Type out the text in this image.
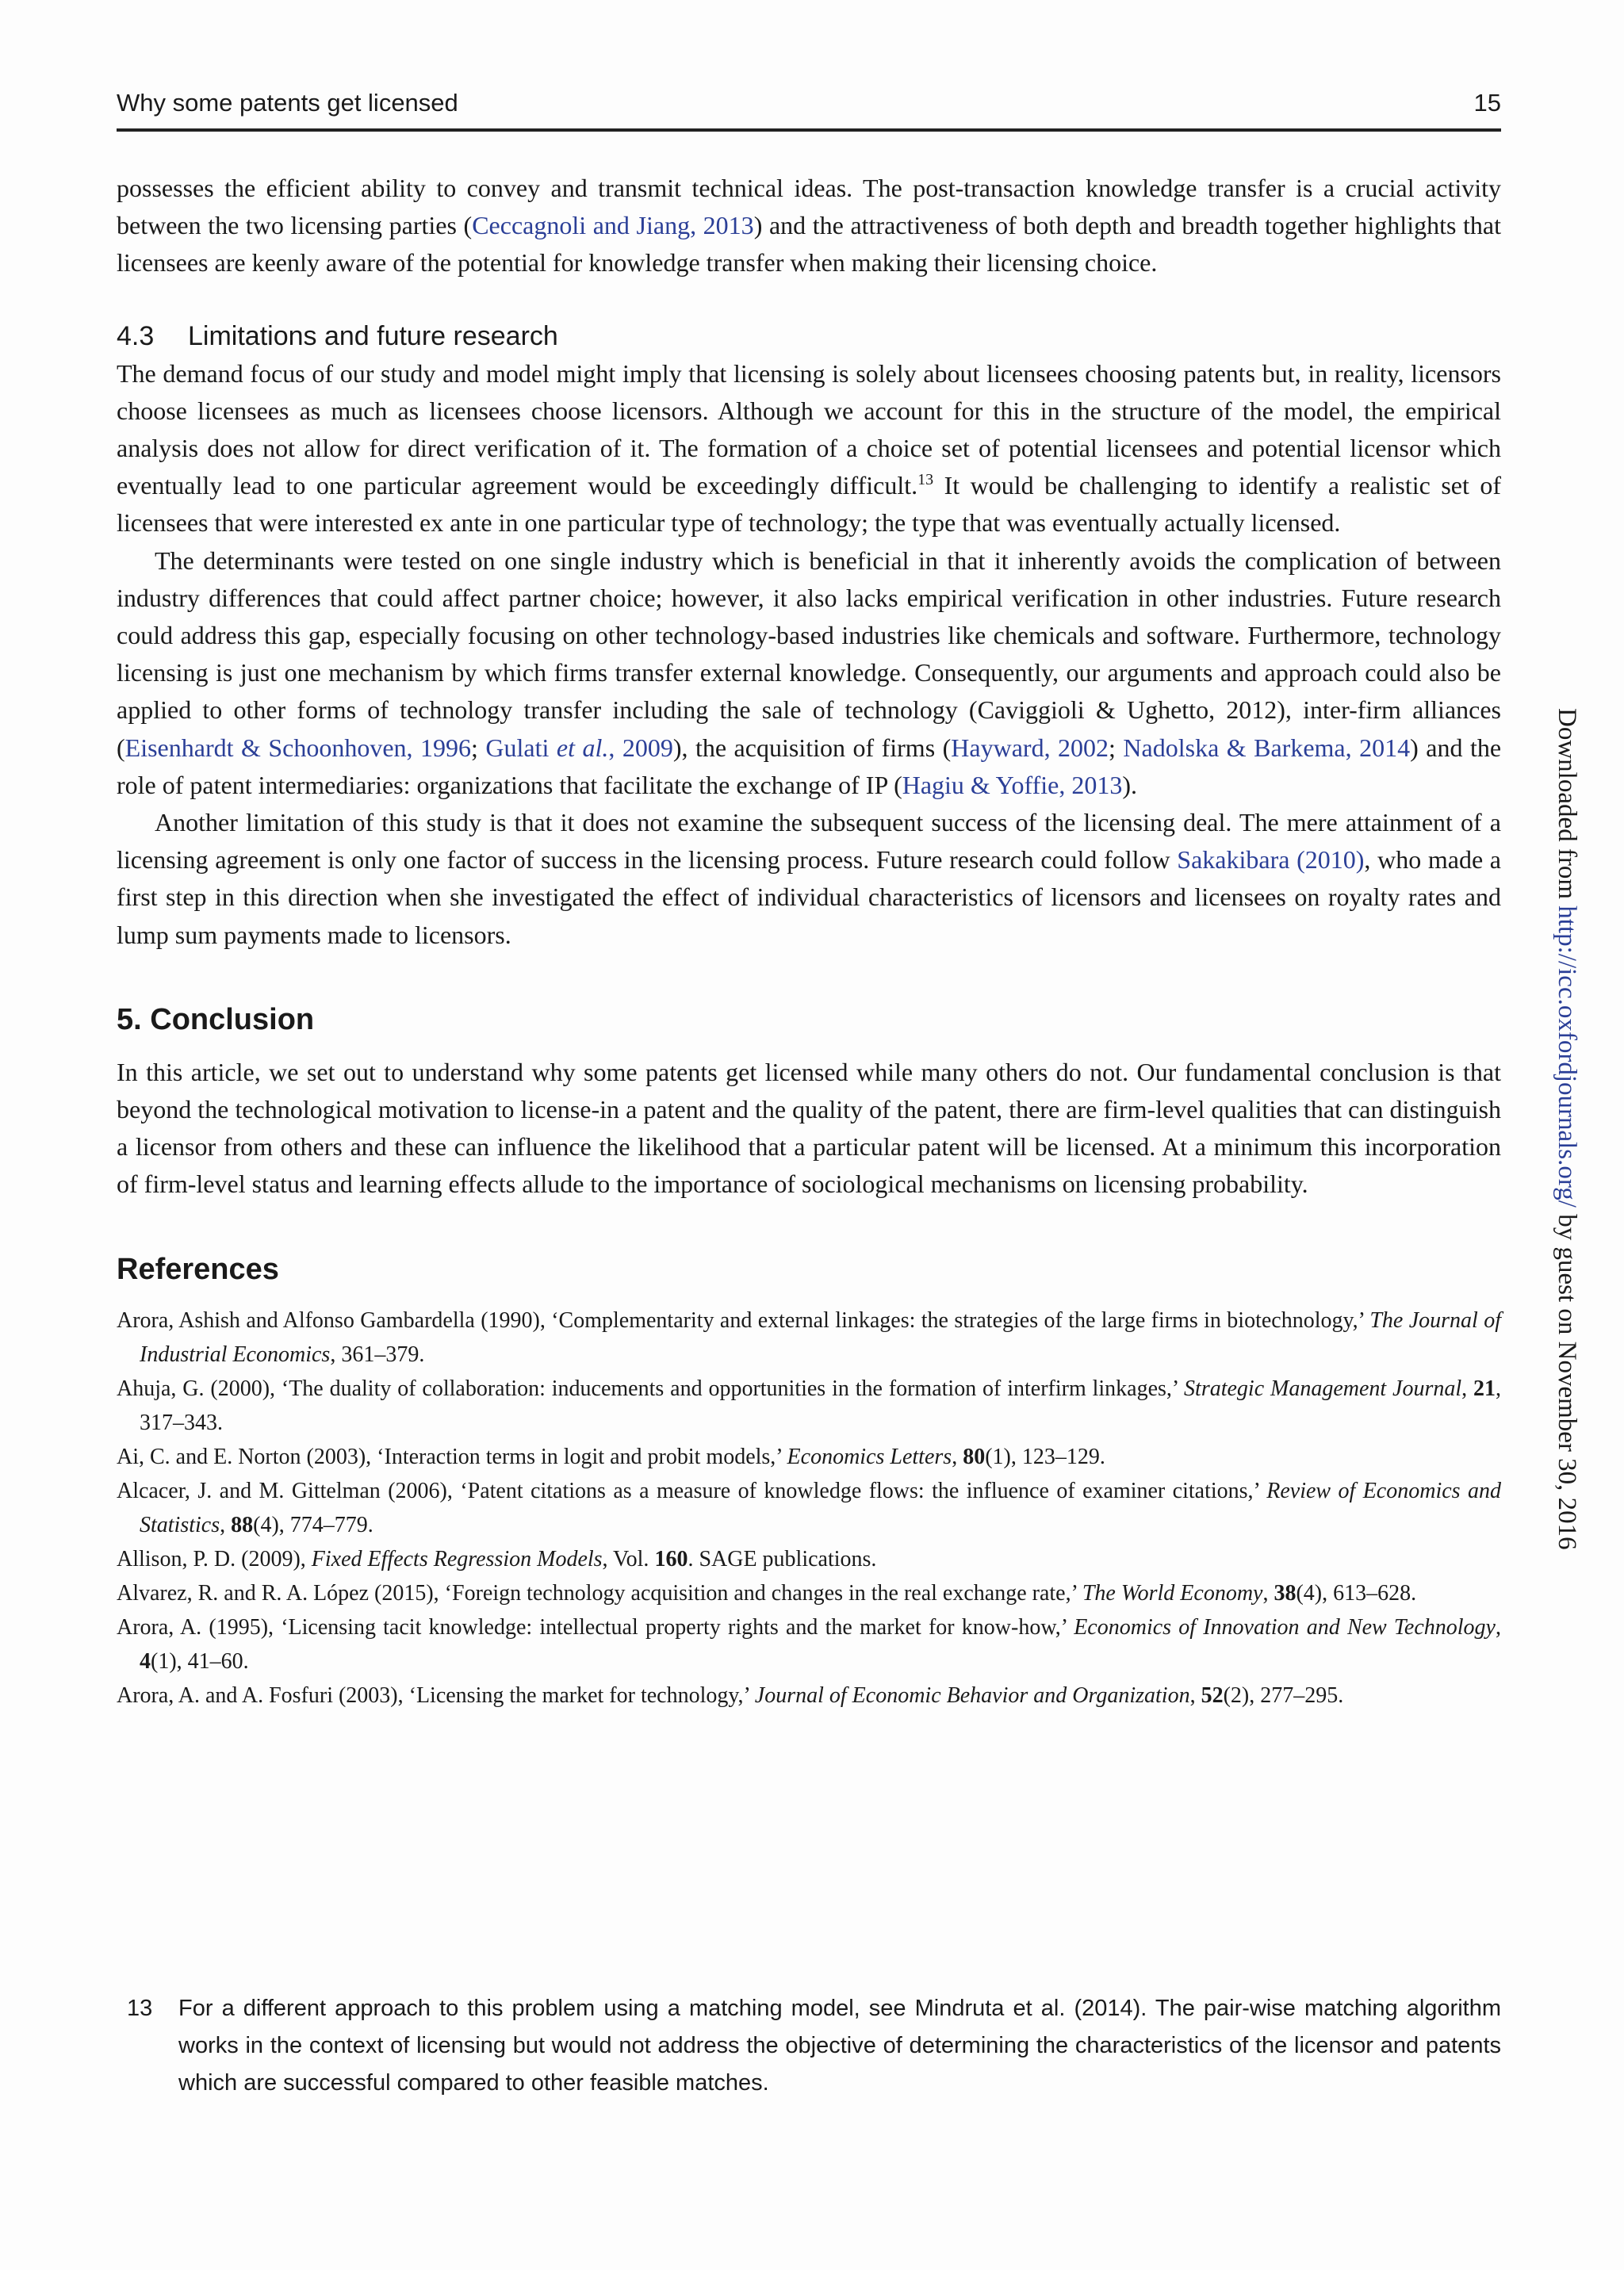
Why some patents get licensed	15

possesses the efficient ability to convey and transmit technical ideas. The post-transaction knowledge transfer is a crucial activity between the two licensing parties (Ceccagnoli and Jiang, 2013) and the attractiveness of both depth and breadth together highlights that licensees are keenly aware of the potential for knowledge transfer when making their licensing choice.

4.3 Limitations and future research

The demand focus of our study and model might imply that licensing is solely about licensees choosing patents but, in reality, licensors choose licensees as much as licensees choose licensors. Although we account for this in the structure of the model, the empirical analysis does not allow for direct verification of it. The formation of a choice set of potential licensees and potential licensor which eventually lead to one particular agreement would be exceedingly difficult.$^{13}$ It would be challenging to identify a realistic set of licensees that were interested ex ante in one particular type of technology; the type that was eventually actually licensed.

The determinants were tested on one single industry which is beneficial in that it inherently avoids the complication of between industry differences that could affect partner choice; however, it also lacks empirical verification in other industries. Future research could address this gap, especially focusing on other technology-based industries like chemicals and software. Furthermore, technology licensing is just one mechanism by which firms transfer external knowledge. Consequently, our arguments and approach could also be applied to other forms of technology transfer including the sale of technology (Caviggioli & Ughetto, 2012), inter-firm alliances (Eisenhardt & Schoonhoven, 1996; Gulati et al., 2009), the acquisition of firms (Hayward, 2002; Nadolska & Barkema, 2014) and the role of patent intermediaries: organizations that facilitate the exchange of IP (Hagiu & Yoffie, 2013).

Another limitation of this study is that it does not examine the subsequent success of the licensing deal. The mere attainment of a licensing agreement is only one factor of success in the licensing process. Future research could follow Sakakibara (2010), who made a first step in this direction when she investigated the effect of individual characteristics of licensors and licensees on royalty rates and lump sum payments made to licensors.

5. Conclusion

In this article, we set out to understand why some patents get licensed while many others do not. Our fundamental conclusion is that beyond the technological motivation to license-in a patent and the quality of the patent, there are firm-level qualities that can distinguish a licensor from others and these can influence the likelihood that a particular patent will be licensed. At a minimum this incorporation of firm-level status and learning effects allude to the importance of sociological mechanisms on licensing probability.

References
Arora, Ashish and Alfonso Gambardella (1990), ‘Complementarity and external linkages: the strategies of the large firms in biotechnology,’ The Journal of Industrial Economics, 361–379.
Ahuja, G. (2000), ‘The duality of collaboration: inducements and opportunities in the formation of interfirm linkages,’ Strategic Management Journal, 21, 317–343.
Ai, C. and E. Norton (2003), ‘Interaction terms in logit and probit models,’ Economics Letters, 80(1), 123–129.
Alcacer, J. and M. Gittelman (2006), ‘Patent citations as a measure of knowledge flows: the influence of examiner citations,’ Review of Economics and Statistics, 88(4), 774–779.
Allison, P. D. (2009), Fixed Effects Regression Models, Vol. 160. SAGE publications.
Alvarez, R. and R. A. López (2015), ‘Foreign technology acquisition and changes in the real exchange rate,’ The World Economy, 38(4), 613–628.
Arora, A. (1995), ‘Licensing tacit knowledge: intellectual property rights and the market for know-how,’ Economics of Innovation and New Technology, 4(1), 41–60.
Arora, A. and A. Fosfuri (2003), ‘Licensing the market for technology,’ Journal of Economic Behavior and Organization, 52(2), 277–295.
13	For a different approach to this problem using a matching model, see Mindruta et al. (2014). The pair-wise matching algorithm works in the context of licensing but would not address the objective of determining the characteristics of the licensor and patents which are successful compared to other feasible matches.
Downloaded from http://icc.oxfordjournals.org/ by guest on November 30, 2016
